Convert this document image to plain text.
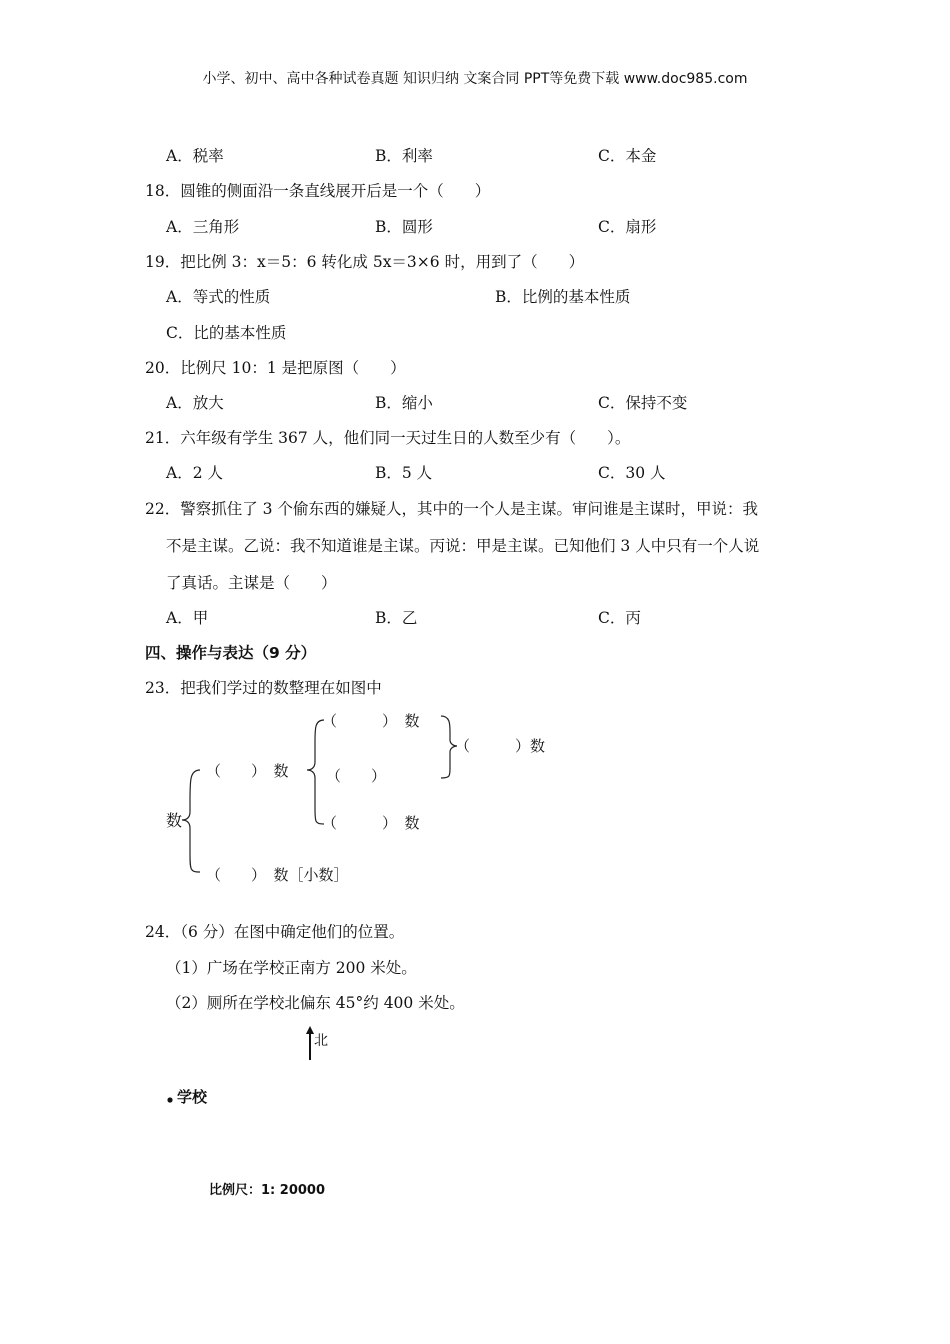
小学、初中、高中各种试卷真题 知识归纳 文案合同 PPT等免费下载 www.doc985.com
A．税率	B．利率	C．本金
18．圆锥的侧面沿一条直线展开后是一个（　　）
A．三角形	B．圆形	C．扇形
19．把比例 3：x＝5：6 转化成 5x＝3×6 时，用到了（　　）
A．等式的性质	B．比例的基本性质
C．比的基本性质
20．比例尺 10：1 是把原图（　　）
A．放大	B．缩小	C．保持不变
21．六年级有学生 367 人，他们同一天过生日的人数至少有（　　）。
A．2 人	B．5 人	C．30 人
22．警察抓住了 3 个偷东西的嫌疑人，其中的一个人是主谋。审问谁是主谋时，甲说：我
不是主谋。乙说：我不知道谁是主谋。丙说：甲是主谋。已知他们 3 人中只有一个人说
了真话。主谋是（　　）
A．甲	B．乙	C．丙
四、操作与表达（9 分）
23．把我们学过的数整理在如图中
数
（　　）　数
（　　　）　数
（　　）
（　　　）　数
（　　　）数
（　　）　数［小数］
24．（6 分）在图中确定他们的位置。
（1）广场在学校正南方 200 米处。
（2）厕所在学校北偏东 45°约 400 米处。
北
学校
比例尺：1: 20000
